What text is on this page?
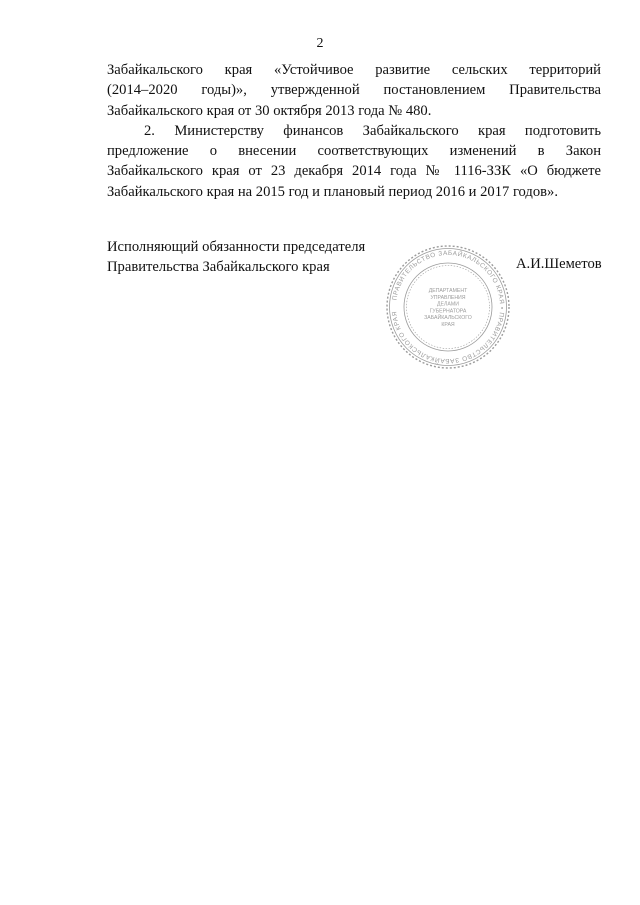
2

Забайкальского края «Устойчивое развитие сельских территорий
(2014–2020 годы)», утвержденной постановлением Правительства
Забайкальского края от 30 октября 2013 года № 480.

2. Министерству финансов Забайкальского края подготовить
предложение о внесении соответствующих изменений в Закон
Забайкальского края от 23 декабря 2014 года № 1116-ЗЗК «О бюджете
Забайкальского края на 2015 год и плановый период 2016 и 2017 годов».

Исполняющий обязанности председателя
Правительства Забайкальского края
ПРАВИТЕЛЬСТВО ЗАБАЙКАЛЬСКОГО КРАЯ • ПРАВИТЕЛЬСТВО ЗАБАЙКАЛЬСКОГО КРАЯ
ДЕПАРТАМЕНТ УПРАВЛЕНИЯ ДЕЛАМИ ГУБЕРНАТОРА ЗАБАЙКАЛЬСКОГО КРАЯ
А.И.Шеметов
